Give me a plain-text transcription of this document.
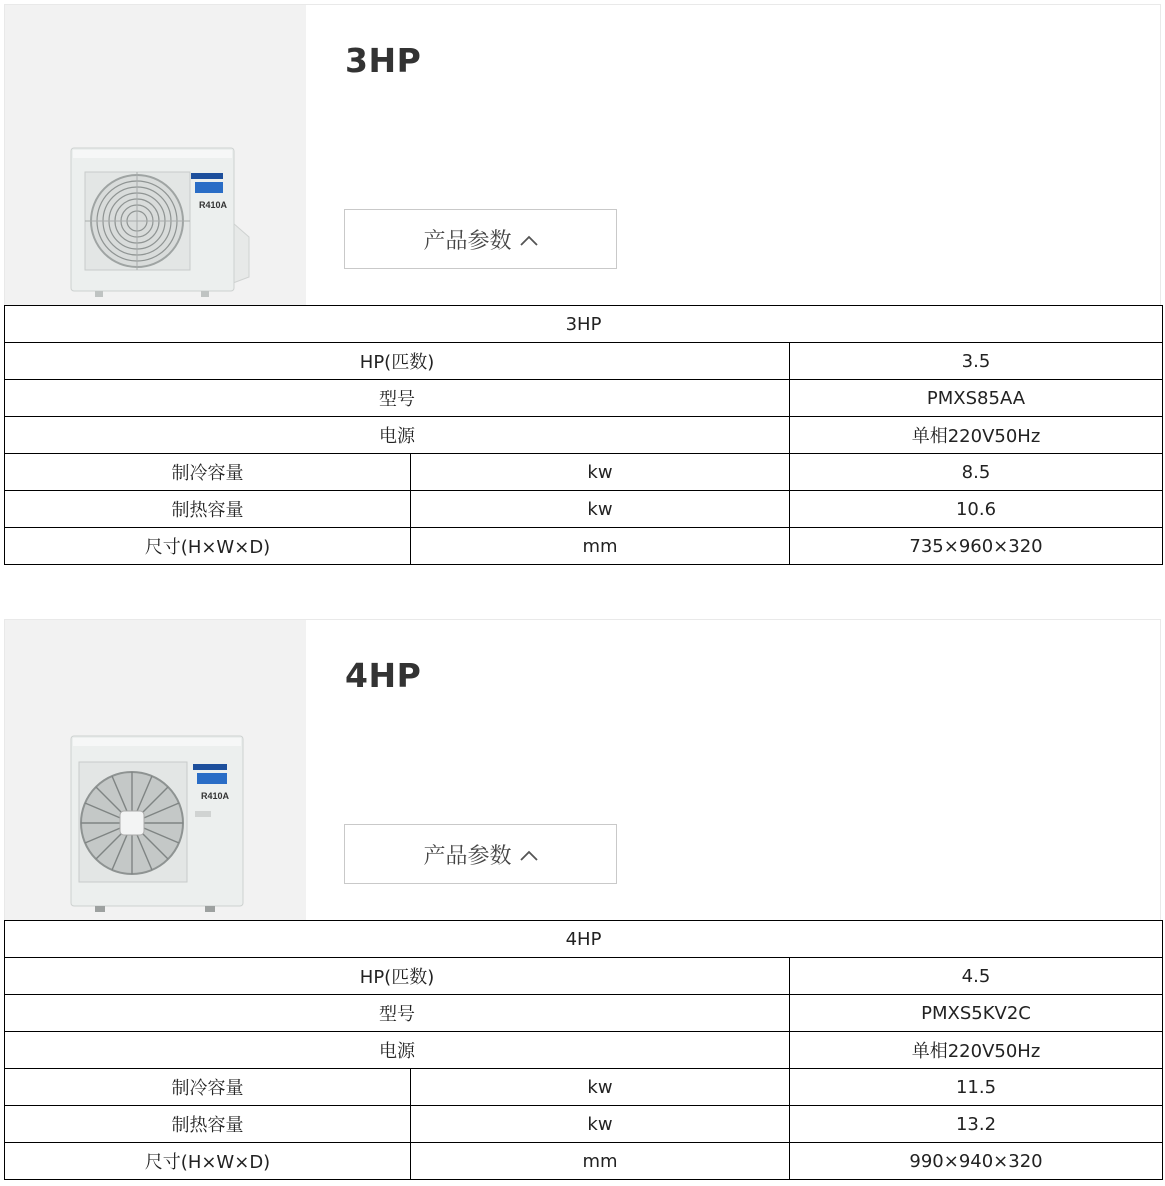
R410A
3HP
产品参数
3HP		
HP(匹数)		3.5
型号		PMXS85AA
电源		单相220V50Hz
制冷容量	kw	8.5
制热容量	kw	10.6
尺寸(H×W×D)	mm	735×960×320
R410A
4HP
产品参数
4HP		
HP(匹数)		4.5
型号		PMXS5KV2C
电源		单相220V50Hz
制冷容量	kw	11.5
制热容量	kw	13.2
尺寸(H×W×D)	mm	990×940×320
